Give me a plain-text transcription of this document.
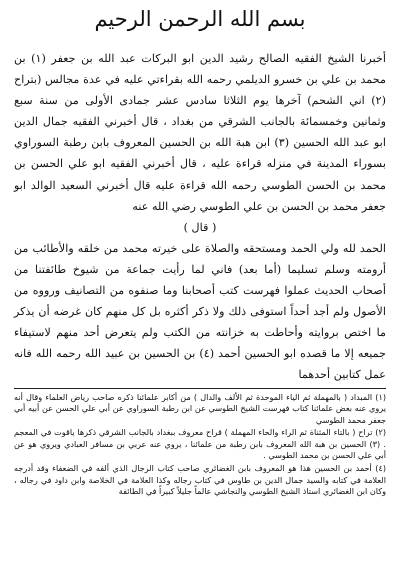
بسم الله الرحمن الرحيم

أخبرنا الشيخ الفقيه الصالح رشيد الدين ابو البركات عبد الله بن جعفر (١) بن محمد بن علي بن خسرو الديلمي رحمه الله بقراءتي عليه في عدة مجالس (بتراح (٢) اني الشحم) آخرها يوم الثلاثا سادس عشر جمادى الأولى من سنة سبع وثمانين وخمسمائة بالجانب الشرقي من بغداد ، قال أخبرني الفقيه جمال الدين ابو عبد الله الحسين (٣) ابن هبة الله بن الحسين المعروف بابن رطبة السوراوي بسوراء المدينة في منزله قراءة عليه ، قال أخبرني الفقيه ابو علي الحسن بن محمد بن الحسن الطوسي رحمه الله قراءة عليه قال أخبرني السعيد الوالد ابو جعفر محمد بن الحسن بن علي الطوسي رضي الله عنه

( قال )

الحمد لله ولي الحمد ومستحقه والصلاة على خيرته محمد من خلقه والأطائب من أرومته وسلم تسليما (أما بعد) فاني لما رأيت جماعة من شيوخ طائفتنا من أصحاب الحديث عملوا فهرست كتب أصحابنا وما صنفوه من التصانيف ورووه من الأصول ولم أجد أحداً استوفى ذلك ولا ذكر أكثره بل كل منهم كان غرضه أن يذكر ما اختص بروايته وأحاطت به خزانته من الكتب ولم يتعرض أحد منهم لاستيفاء جميعه إلا ما قصده ابو الحسين أحمد (٤) بن الحسين بن عبيد الله رحمه الله فانه عمل كتابين أحدهما

(١) المبداد ( بالمهملة ثم الياء الموحدة ثم الألف والدال ) من أكابر علمائنا ذكره صاحب رياض العلماء وقال أنه يروي عنه بعض علمائنا كتاب فهرست الشيخ الطوسي عن ابن رطبة السوراوي عن أبي علي الحسن عن أبيه أبي جعفر محمد الطوسي

(٢) تراح ( بالتاء المثناة ثم الراء والحاء المهملة ) قراح معروف ببغداد بالجانب الشرقي ذكرها ياقوت في المعجم . (٣) الحسين بن هبة الله المعروف بابن رطبة من علمائنا ، يروي عنه عربي بن مسافر العبادي ويروي هو عن أبي علي الحسن بن محمد الطوسي .

(٤) أحمد بن الحسين هذا هو المعروف بابن الغضائري صاحب كتاب الرجال الذي ألفه في الضعفاء وقد أدرجه العلامة في كتابه والسيد جمال الدين بن طاوس في كتاب رجاله وكذا العلامة في الخلاصة وابن داود في رجاله ، وكان ابن الغضائري استاذ الشيخ الطوسي والنجاشي عالماً جليلاً كبيراً في الطائفة
